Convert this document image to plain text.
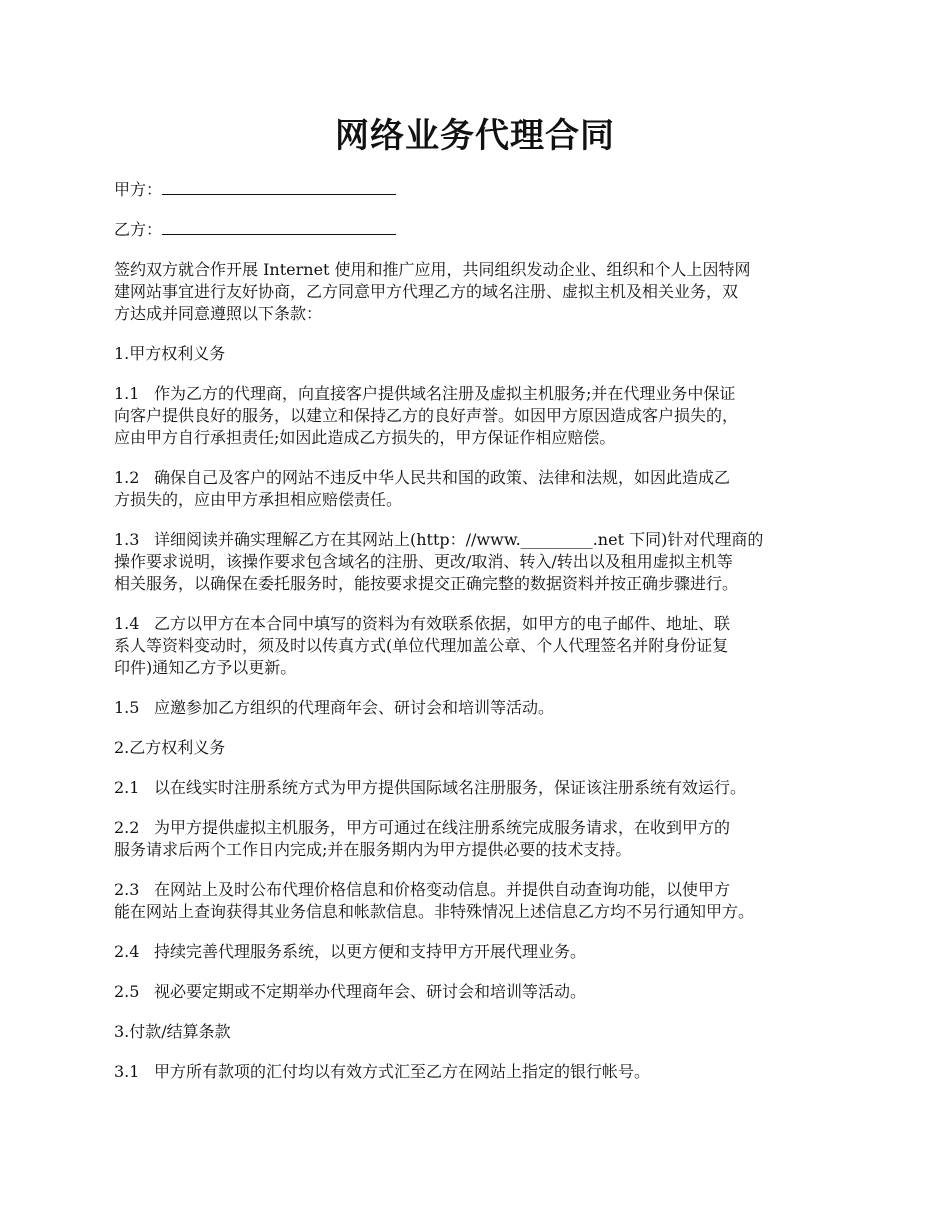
网络业务代理合同

甲方：

乙方：

签约双方就合作开展 Internet 使用和推广应用，共同组织发动企业、组织和个人上因特网
建网站事宜进行友好协商，乙方同意甲方代理乙方的域名注册、虚拟主机及相关业务，双
方达成并同意遵照以下条款：

1.甲方权利义务

1.1 作为乙方的代理商，向直接客户提供域名注册及虚拟主机服务;并在代理业务中保证
向客户提供良好的服务，以建立和保持乙方的良好声誉。如因甲方原因造成客户损失的，
应由甲方自行承担责任;如因此造成乙方损失的，甲方保证作相应赔偿。

1.2 确保自己及客户的网站不违反中华人民共和国的政策、法律和法规，如因此造成乙
方损失的，应由甲方承担相应赔偿责任。

1.3 详细阅读并确实理解乙方在其网站上(http：//www._________.net 下同)针对代理商的
操作要求说明，该操作要求包含域名的注册、更改/取消、转入/转出以及租用虚拟主机等
相关服务，以确保在委托服务时，能按要求提交正确完整的数据资料并按正确步骤进行。

1.4 乙方以甲方在本合同中填写的资料为有效联系依据，如甲方的电子邮件、地址、联
系人等资料变动时，须及时以传真方式(单位代理加盖公章、个人代理签名并附身份证复
印件)通知乙方予以更新。

1.5 应邀参加乙方组织的代理商年会、研讨会和培训等活动。

2.乙方权利义务

2.1 以在线实时注册系统方式为甲方提供国际域名注册服务，保证该注册系统有效运行。

2.2 为甲方提供虚拟主机服务，甲方可通过在线注册系统完成服务请求，在收到甲方的
服务请求后两个工作日内完成;并在服务期内为甲方提供必要的技术支持。

2.3 在网站上及时公布代理价格信息和价格变动信息。并提供自动查询功能，以使甲方
能在网站上查询获得其业务信息和帐款信息。非特殊情况上述信息乙方均不另行通知甲方。

2.4 持续完善代理服务系统，以更方便和支持甲方开展代理业务。

2.5 视必要定期或不定期举办代理商年会、研讨会和培训等活动。

3.付款/结算条款

3.1 甲方所有款项的汇付均以有效方式汇至乙方在网站上指定的银行帐号。
